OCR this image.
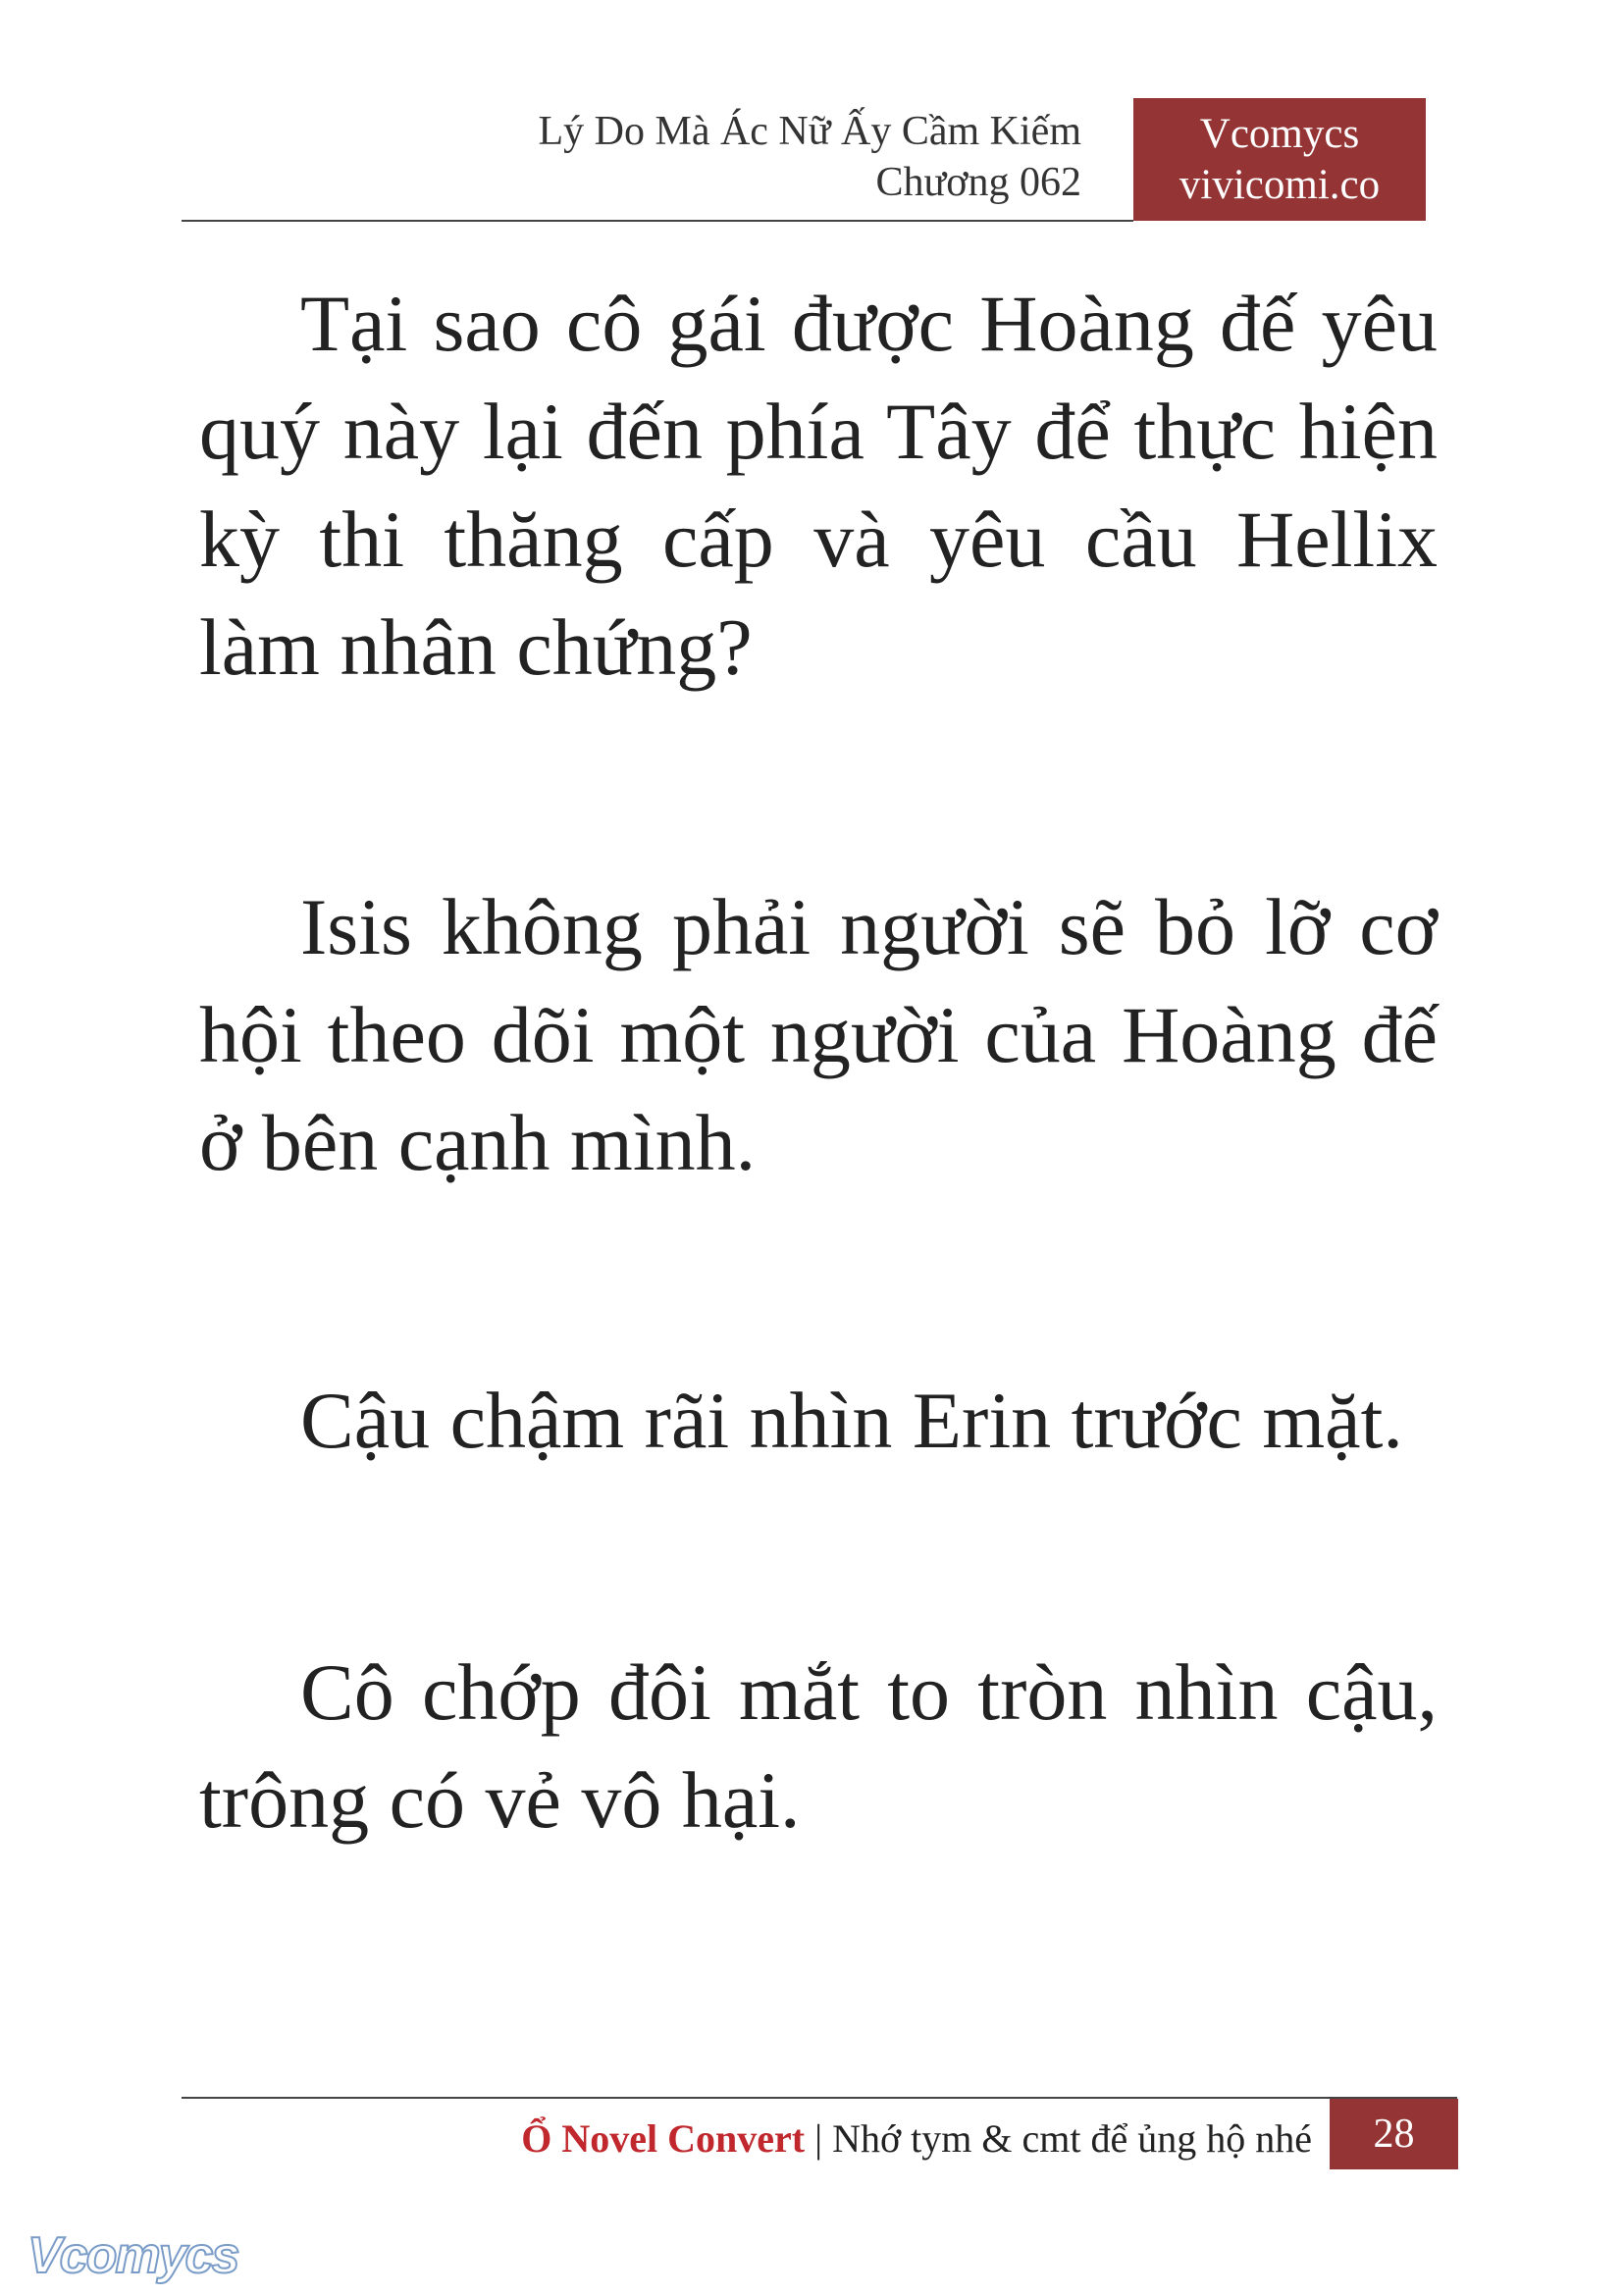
Lý Do Mà Ác Nữ Ấy Cầm Kiếm
Chương 062
Vcomycs
vivicomi.co

Tại sao cô gái được Hoàng đế yêu quý này lại đến phía Tây để thực hiện kỳ thi thăng cấp và yêu cầu Hellix làm nhân chứng?

Isis không phải người sẽ bỏ lỡ cơ hội theo dõi một người của Hoàng đế ở bên cạnh mình.

Cậu chậm rãi nhìn Erin trước mặt.

Cô chớp đôi mắt to tròn nhìn cậu, trông có vẻ vô hại.

Ổ Novel Convert | Nhớ tym & cmt để ủng hộ nhé	28
Vcomycs
